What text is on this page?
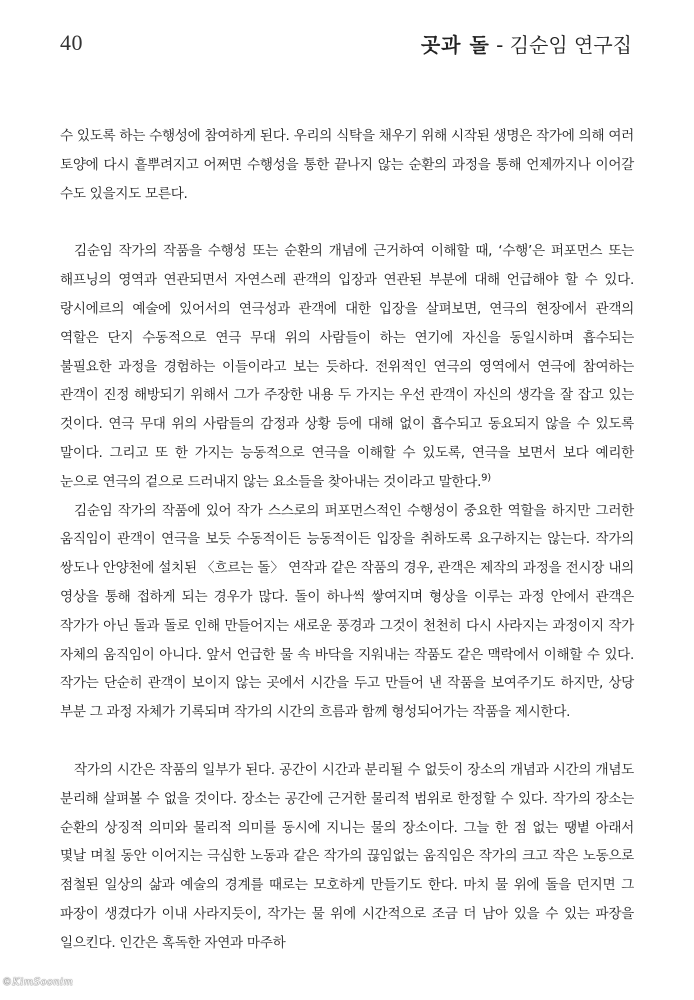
40	곳과 돌 - 김순임 연구집

수 있도록 하는 수행성에 참여하게 된다. 우리의 식탁을 채우기 위해 시작된 생명은 작가에 의해 여러 토양에 다시 흩뿌려지고 어쩌면 수행성을 통한 끝나지 않는 순환의 과정을 통해 언제까지나 이어갈 수도 있을지도 모른다.

김순임 작가의 작품을 수행성 또는 순환의 개념에 근거하여 이해할 때, ‘수행’은 퍼포먼스 또는 해프닝의 영역과 연관되면서 자연스레 관객의 입장과 연관된 부분에 대해 언급해야 할 수 있다. 랑시에르의 예술에 있어서의 연극성과 관객에 대한 입장을 살펴보면, 연극의 현장에서 관객의 역할은 단지 수동적으로 연극 무대 위의 사람들이 하는 연기에 자신을 동일시하며 흡수되는 불필요한 과정을 경험하는 이들이라고 보는 듯하다. 전위적인 연극의 영역에서 연극에 참여하는 관객이 진정 해방되기 위해서 그가 주장한 내용 두 가지는 우선 관객이 자신의 생각을 잘 잡고 있는 것이다. 연극 무대 위의 사람들의 감정과 상황 등에 대해 없이 흡수되고 동요되지 않을 수 있도록 말이다. 그리고 또 한 가지는 능동적으로 연극을 이해할 수 있도록, 연극을 보면서 보다 예리한 눈으로 연극의 겉으로 드러내지 않는 요소들을 찾아내는 것이라고 말한다.$^{9)}$

김순임 작가의 작품에 있어 작가 스스로의 퍼포먼스적인 수행성이 중요한 역할을 하지만 그러한 움직임이 관객이 연극을 보듯 수동적이든 능동적이든 입장을 취하도록 요구하지는 않는다. 작가의 쌍도나 안양천에 설치된 〈흐르는 돌〉 연작과 같은 작품의 경우, 관객은 제작의 과정을 전시장 내의 영상을 통해 접하게 되는 경우가 많다. 돌이 하나씩 쌓여지며 형상을 이루는 과정 안에서 관객은 작가가 아닌 돌과 돌로 인해 만들어지는 새로운 풍경과 그것이 천천히 다시 사라지는 과정이지 작가 자체의 움직임이 아니다. 앞서 언급한 물 속 바닥을 지워내는 작품도 같은 맥락에서 이해할 수 있다. 작가는 단순히 관객이 보이지 않는 곳에서 시간을 두고 만들어 낸 작품을 보여주기도 하지만, 상당 부분 그 과정 자체가 기록되며 작가의 시간의 흐름과 함께 형성되어가는 작품을 제시한다.

작가의 시간은 작품의 일부가 된다. 공간이 시간과 분리될 수 없듯이 장소의 개념과 시간의 개념도 분리해 살펴볼 수 없을 것이다. 장소는 공간에 근거한 물리적 범위로 한정할 수 있다. 작가의 장소는 순환의 상징적 의미와 물리적 의미를 동시에 지니는 물의 장소이다. 그늘 한 점 없는 땡볕 아래서 몇날 며칠 동안 이어지는 극심한 노동과 같은 작가의 끊임없는 움직임은 작가의 크고 작은 노동으로 점철된 일상의 삶과 예술의 경계를 때로는 모호하게 만들기도 한다. 마치 물 위에 돌을 던지면 그 파장이 생겼다가 이내 사라지듯이, 작가는 물 위에 시간적으로 조금 더 남아 있을 수 있는 파장을 일으킨다. 인간은 혹독한 자연과 마주하

©KimSoonim
